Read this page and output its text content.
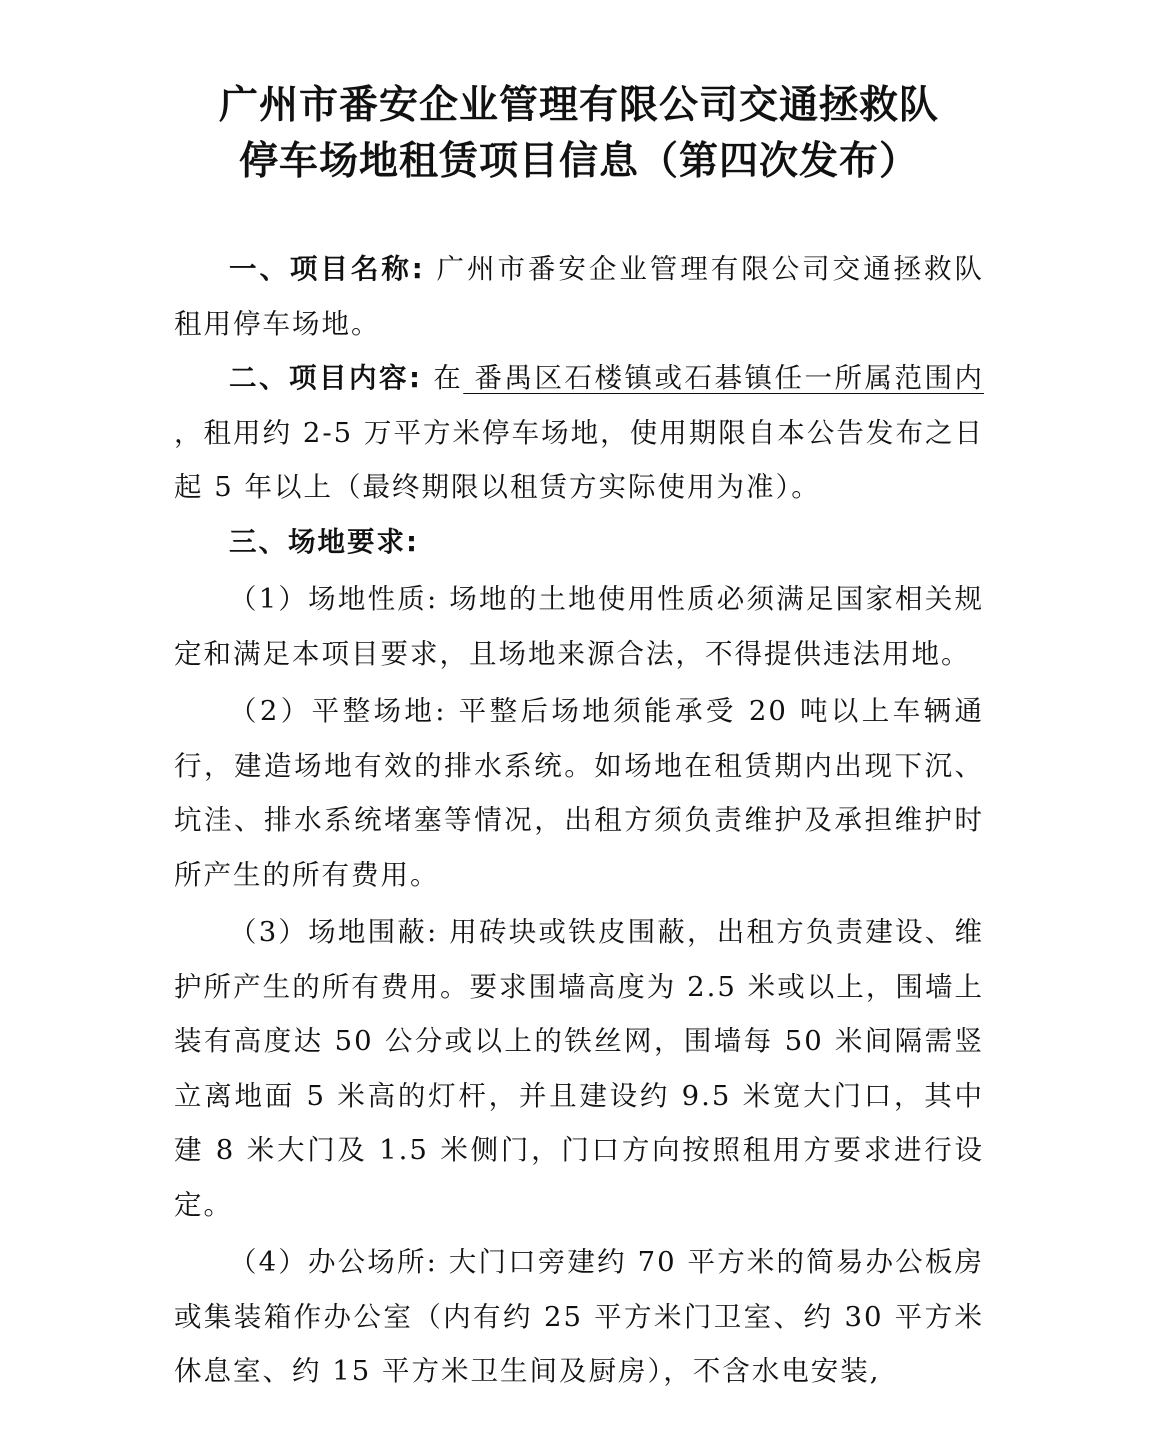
广州市番安企业管理有限公司交通拯救队
停车场地租赁项目信息（第四次发布）

一、项目名称: 广州市番安企业管理有限公司交通拯救队租用停车场地。

二、项目内容: 在 番禺区石楼镇或石碁镇任一所属范围内 ，租用约 2-5 万平方米停车场地，使用期限自本公告发布之日起 5 年以上（最终期限以租赁方实际使用为准）。

三、场地要求:

（1）场地性质: 场地的土地使用性质必须满足国家相关规定和满足本项目要求，且场地来源合法，不得提供违法用地。

（2）平整场地: 平整后场地须能承受 20 吨以上车辆通行，建造场地有效的排水系统。如场地在租赁期内出现下沉、坑洼、排水系统堵塞等情况，出租方须负责维护及承担维护时所产生的所有费用。

（3）场地围蔽: 用砖块或铁皮围蔽，出租方负责建设、维护所产生的所有费用。要求围墙高度为 2.5 米或以上，围墙上装有高度达 50 公分或以上的铁丝网，围墙每 50 米间隔需竖立离地面 5 米高的灯杆，并且建设约 9.5 米宽大门口，其中建 8 米大门及 1.5 米侧门，门口方向按照租用方要求进行设定。

（4）办公场所: 大门口旁建约 70 平方米的简易办公板房或集装箱作办公室（内有约 25 平方米门卫室、约 30 平方米休息室、约 15 平方米卫生间及厨房），不含水电安装,
